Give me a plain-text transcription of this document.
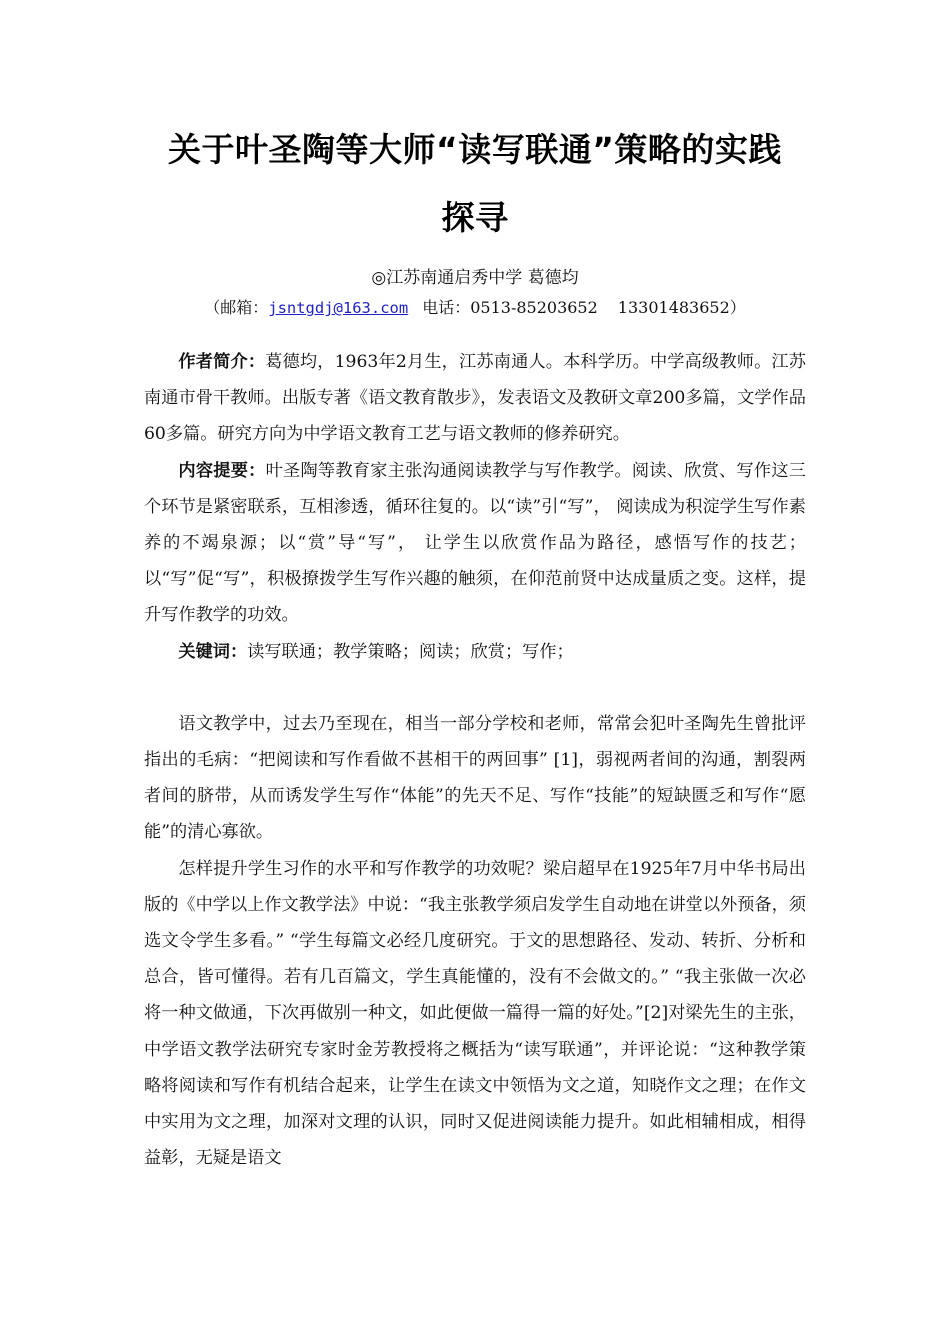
关于叶圣陶等大师“读写联通”策略的实践
探寻
◎江苏南通启秀中学 葛德均
（邮箱：jsntgdj@163.com 电话：0513-85203652 13301483652）

作者简介：葛德均，1963年2月生，江苏南通人。本科学历。中学高级教师。江苏南通市骨干教师。出版专著《语文教育散步》，发表语文及教研文章200多篇，文学作品60多篇。研究方向为中学语文教育工艺与语文教师的修养研究。

内容提要：叶圣陶等教育家主张沟通阅读教学与写作教学。阅读、欣赏、写作这三个环节是紧密联系，互相渗透，循环往复的。以“读”引“写”， 阅读成为积淀学生写作素养的不竭泉源；以“赏”导“写”， 让学生以欣赏作品为路径，感悟写作的技艺；以“写”促“写”，积极撩拨学生写作兴趣的触须，在仰范前贤中达成量质之变。这样，提升写作教学的功效。

关键词：读写联通；教学策略；阅读；欣赏；写作；

语文教学中，过去乃至现在，相当一部分学校和老师，常常会犯叶圣陶先生曾批评指出的毛病：“把阅读和写作看做不甚相干的两回事” [1]，弱视两者间的沟通，割裂两者间的脐带，从而诱发学生写作“体能”的先天不足、写作“技能”的短缺匮乏和写作“愿能”的清心寡欲。

怎样提升学生习作的水平和写作教学的功效呢？梁启超早在1925年7月中华书局出版的《中学以上作文教学法》中说：“我主张教学须启发学生自动地在讲堂以外预备，须选文令学生多看。” “学生每篇文必经几度研究。于文的思想路径、发动、转折、分析和总合，皆可懂得。若有几百篇文，学生真能懂的，没有不会做文的。” “我主张做一次必将一种文做通，下次再做别一种文，如此便做一篇得一篇的好处。”[2]对梁先生的主张，中学语文教学法研究专家时金芳教授将之概括为“读写联通”，并评论说：“这种教学策略将阅读和写作有机结合起来，让学生在读文中领悟为文之道，知晓作文之理；在作文中实用为文之理，加深对文理的认识，同时又促进阅读能力提升。如此相辅相成，相得益彰，无疑是语文
